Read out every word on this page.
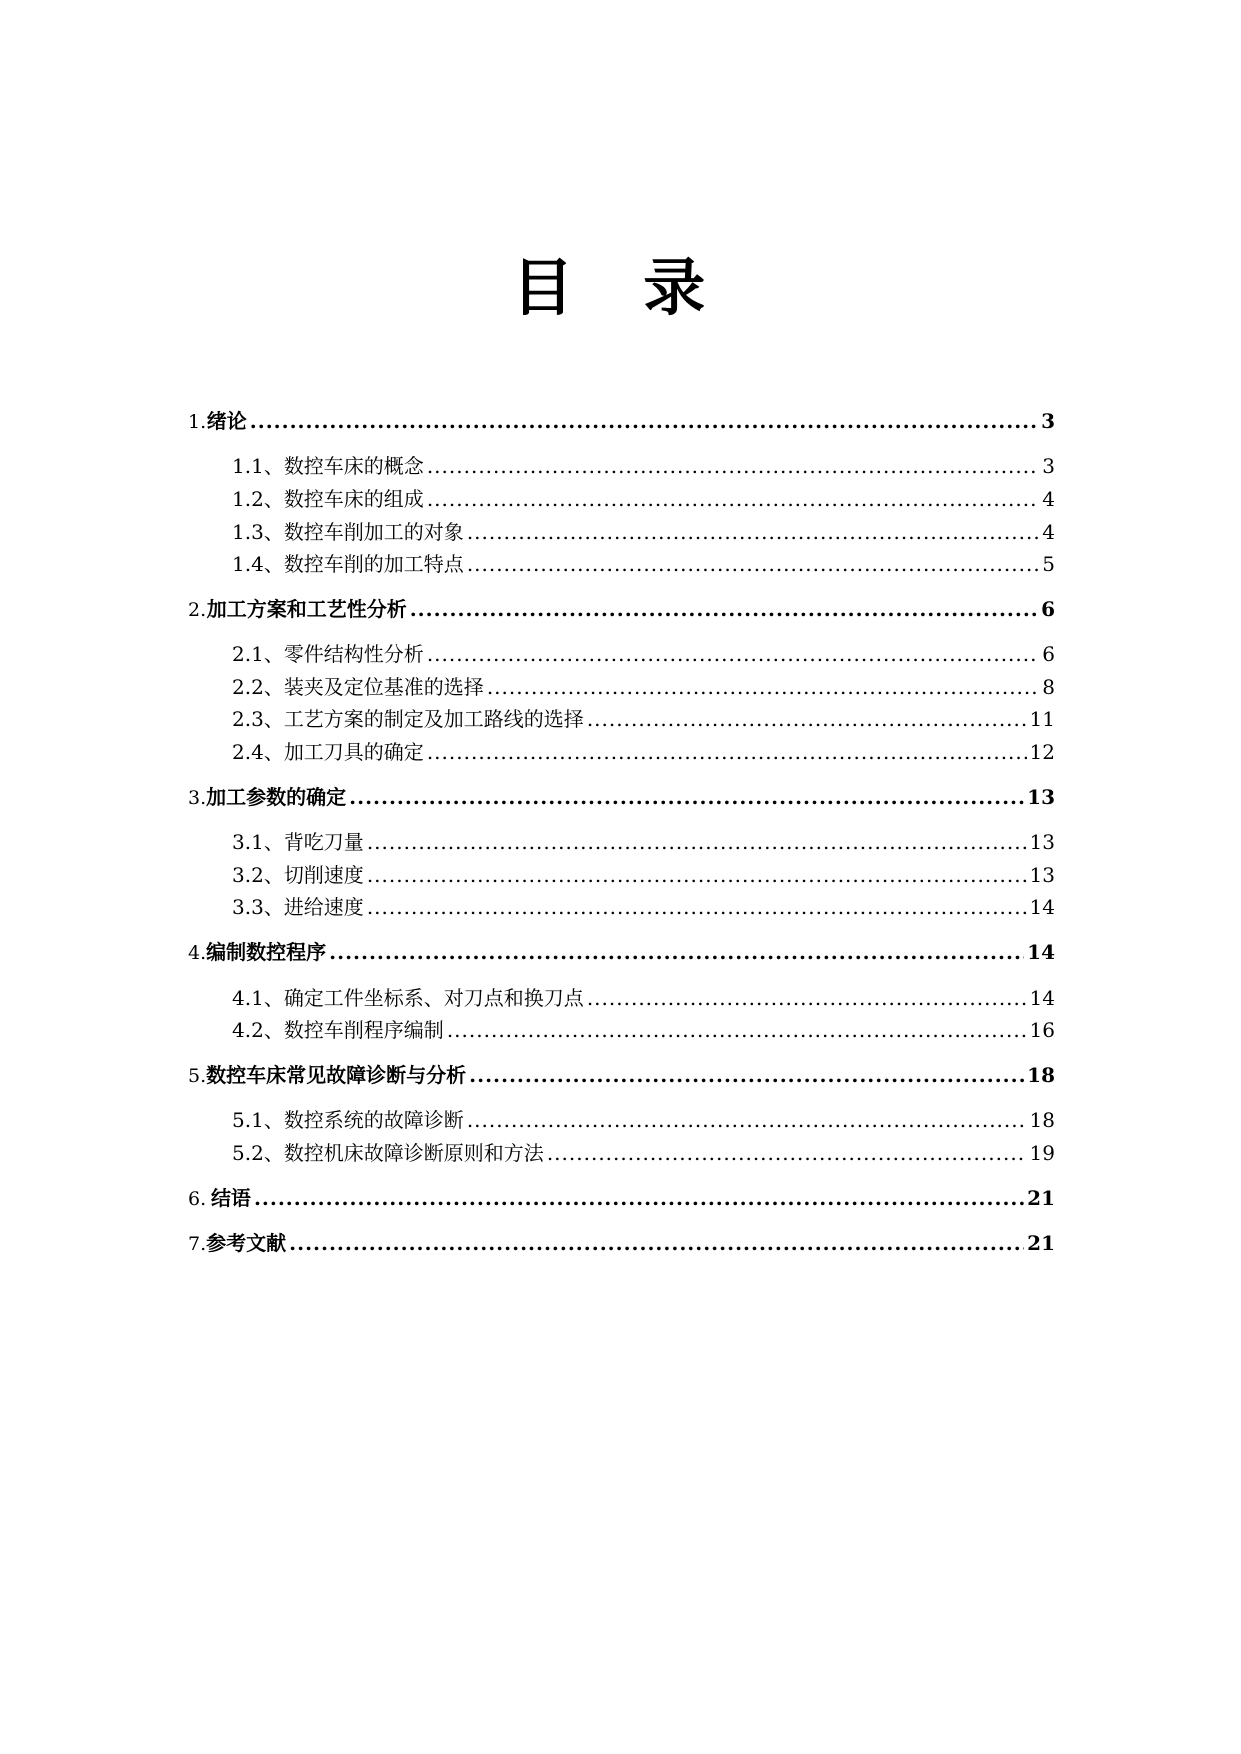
目 录
1. 绪论 .....	3
1.1 、 数控车床的概念 .....	3
1.2 、 数控车床的组成 .....	4
1.3 、 数控车削加工的对象 .....	4
1.4 、 数控车削的加工特点 .....	5
2. 加工方案和工艺性分析 .....	6
2.1 、 零件结构性分析 .....	6
2.2 、 装夹及定位基准的选择 .....	8
2.3 、 工艺方案的制定及加工路线的选择 .....	11
2.4 、 加工刀具的确定 .....	12
3. 加工参数的确定 .....	13
3.1 、 背吃刀量 .....	13
3.2 、 切削速度 .....	13
3.3 、 进给速度 .....	14
4. 编制数控程序 .....	14
4.1 、 确定工件坐标系、对刀点和换刀点 .....	14
4.2 、 数控车削程序编制 .....	16
5. 数控车床常见故障诊断与分析 .....	18
5.1 、 数控系统的故障诊断 .....	18
5.2 、 数控机床故障诊断原则和方法 .....	19
6. 结语 .....	21
7. 参考文献 .....	21
